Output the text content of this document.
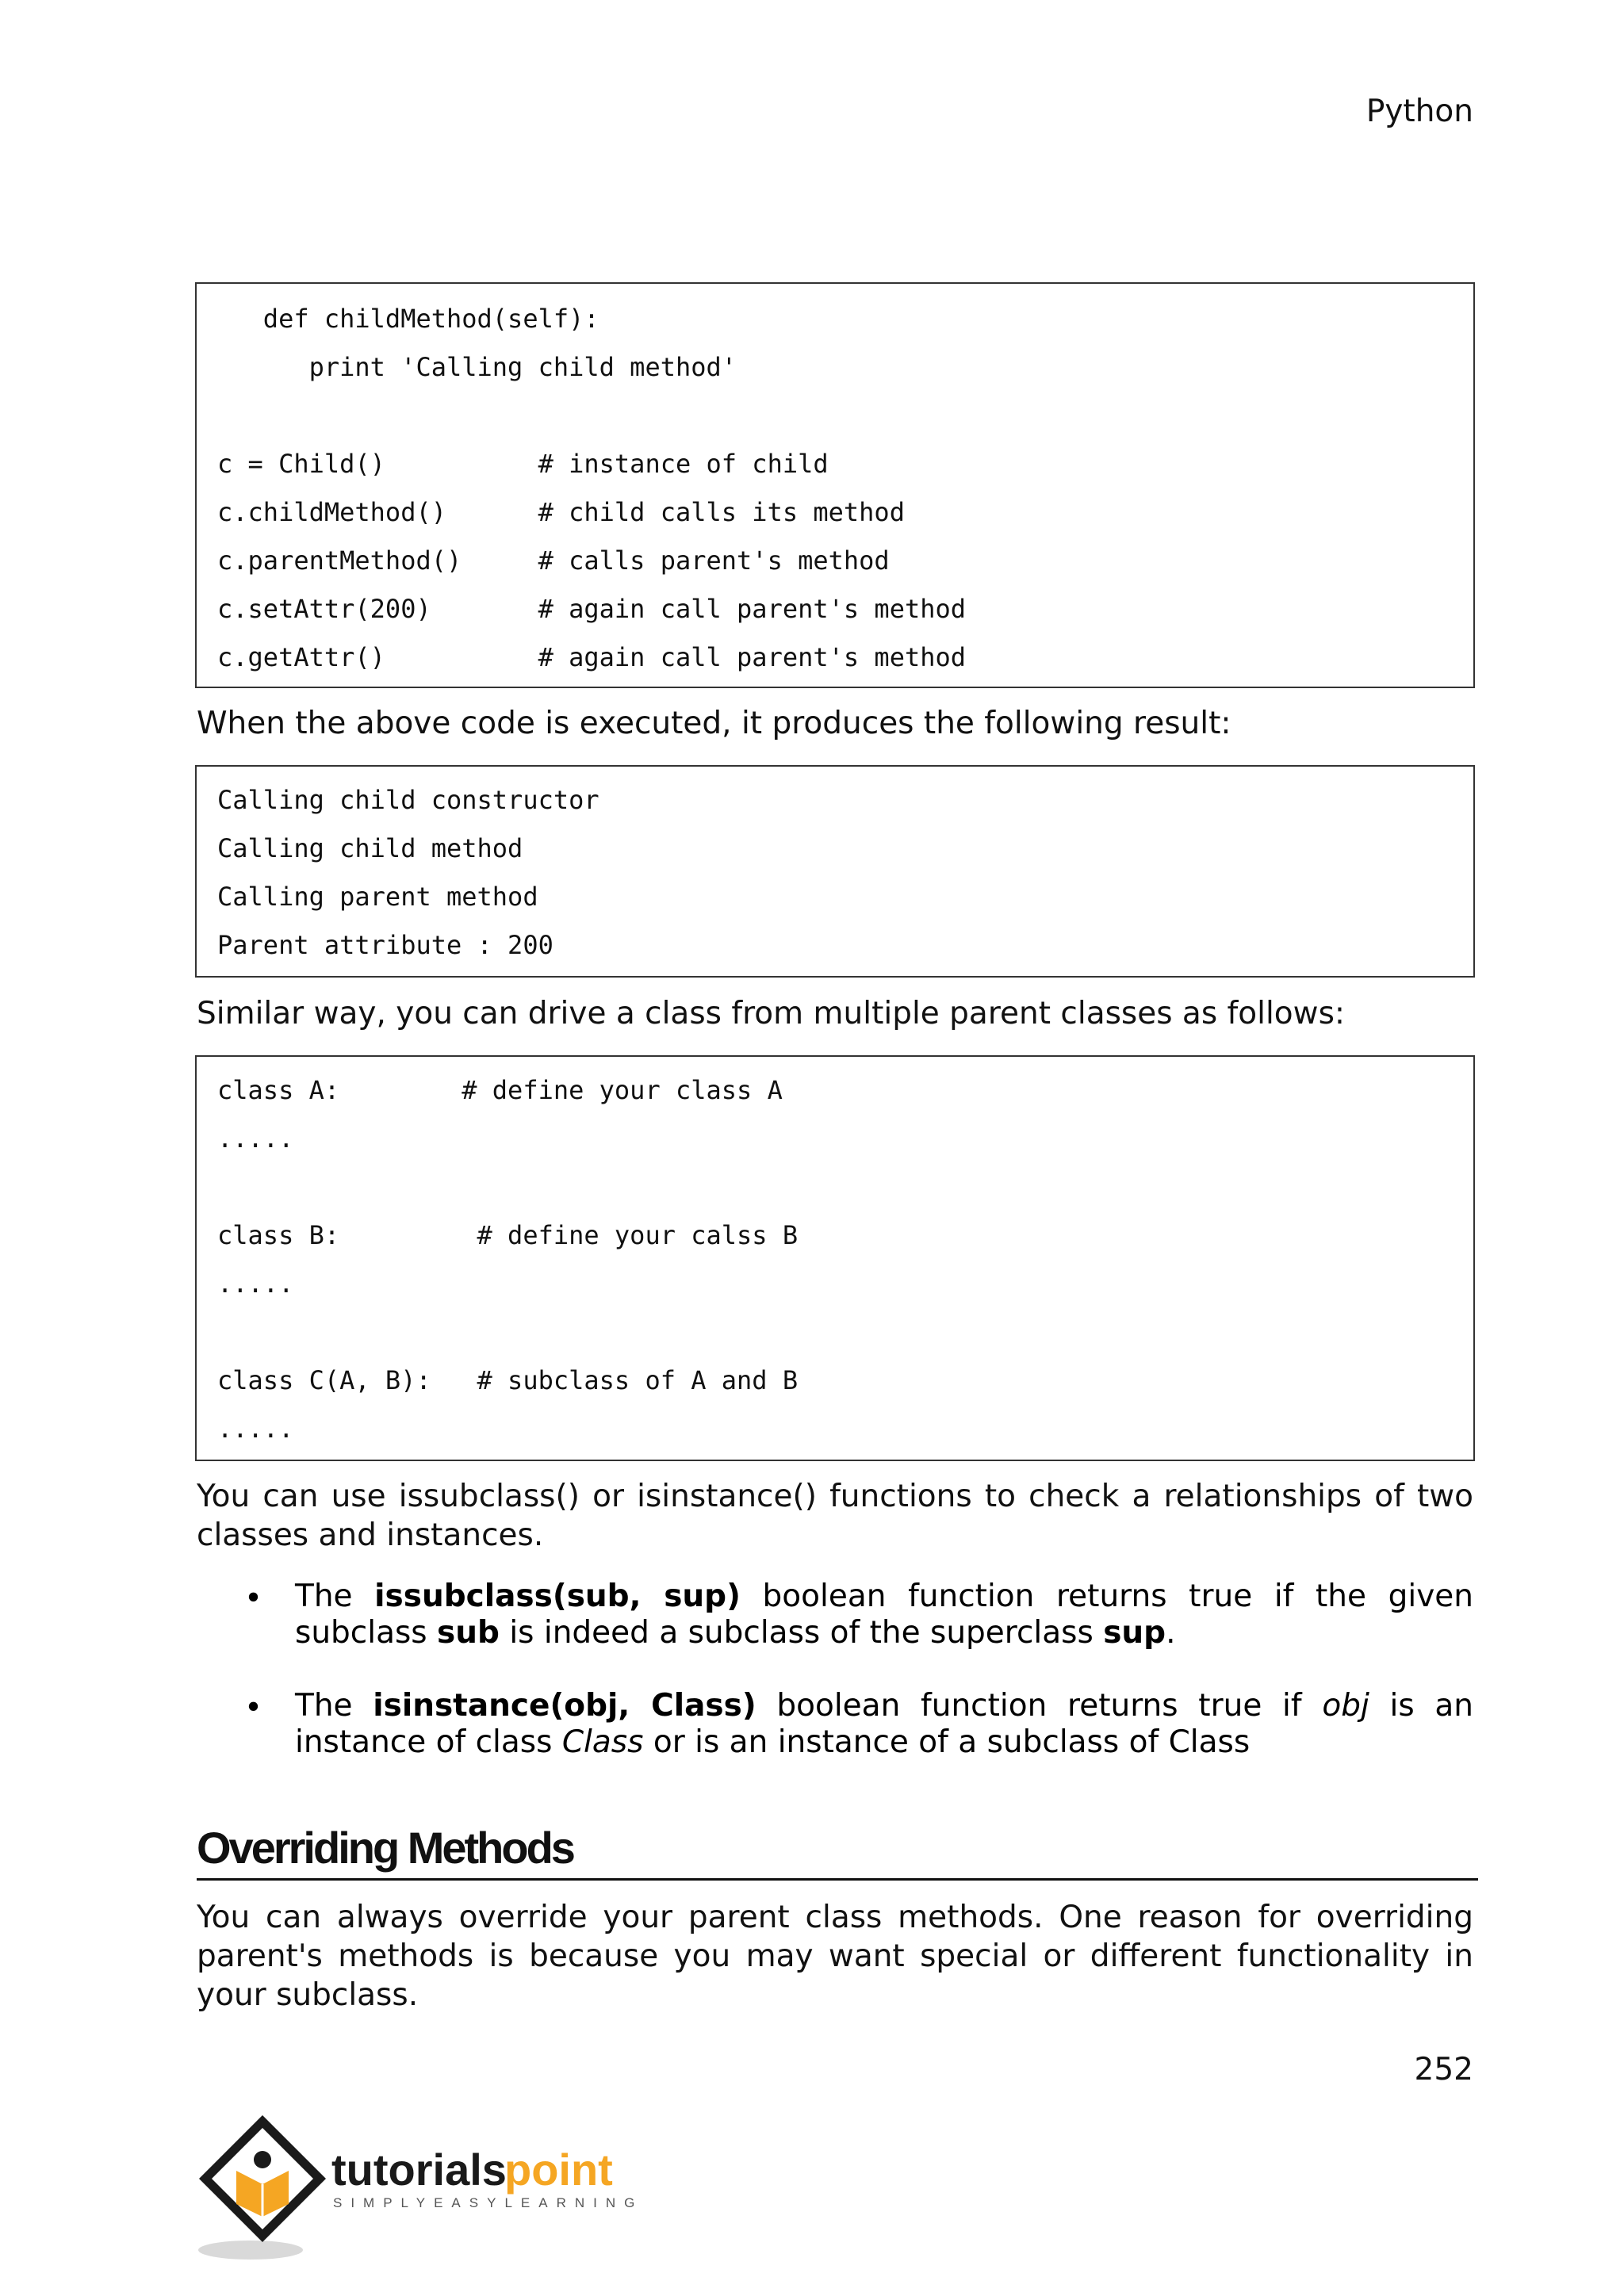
Python
def childMethod(self):
print 'Calling child method'
c = Child()          # instance of child
c.childMethod()      # child calls its method
c.parentMethod()     # calls parent's method
c.setAttr(200)       # again call parent's method
c.getAttr()          # again call parent's method
When the above code is executed, it produces the following result:
Calling child constructor
Calling child method
Calling parent method
Parent attribute : 200
Similar way, you can drive a class from multiple parent classes as follows:
class A:        # define your class A
.....
class B:         # define your calss B
.....
class C(A, B):   # subclass of A and B
.....
You can use issubclass() or isinstance() functions to check a relationships of two classes and instances.
• The issubclass(sub, sup) boolean function returns true if the given subclass sub is indeed a subclass of the superclass sup.
• The isinstance(obj, Class) boolean function returns true if obj is an instance of class Class or is an instance of a subclass of Class
Overriding Methods
You can always override your parent class methods. One reason for overriding parent's methods is because you may want special or different functionality in your subclass.
252
tutorials
point
SIMPLYEASYLEARNING
